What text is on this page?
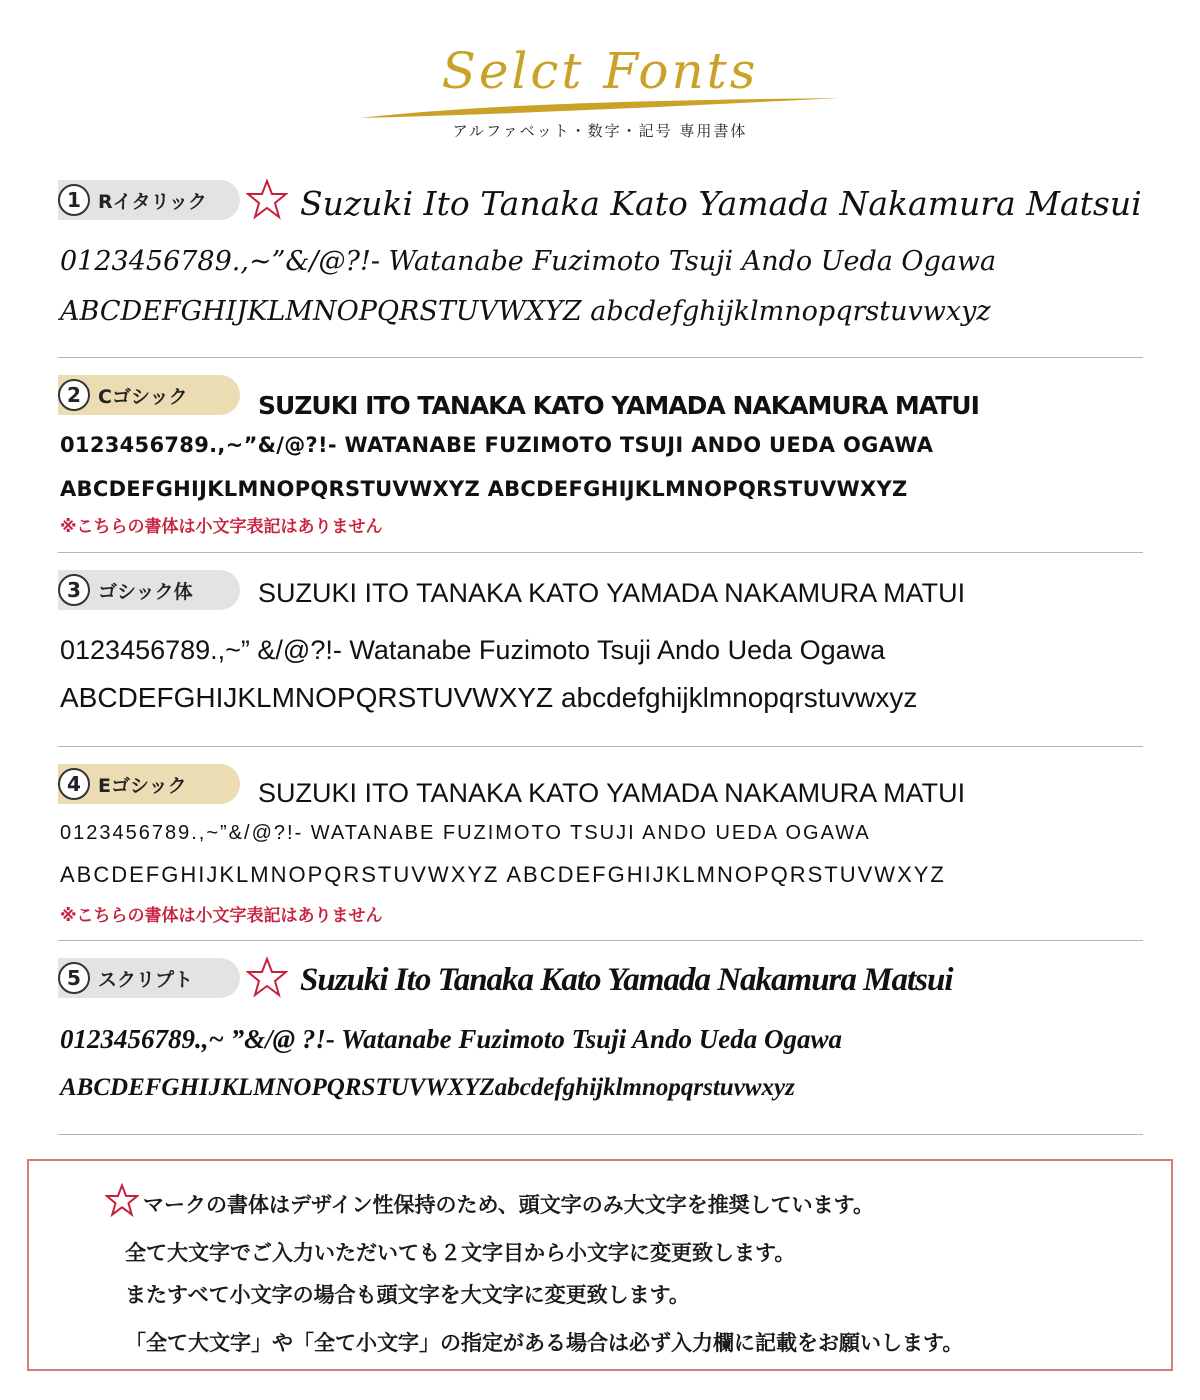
Selct Fonts
アルファベット・数字・記号 専用書体
1 Rイタリック	Suzuki Ito Tanaka Kato Yamada Nakamura Matsui
0123456789.,~”&/@?!- Watanabe Fuzimoto Tsuji Ando Ueda Ogawa
ABCDEFGHIJKLMNOPQRSTUVWXYZ abcdefghijklmnopqrstuvwxyz
2 Cゴシック	SUZUKI ITO TANAKA KATO YAMADA NAKAMURA MATUI
0123456789.,~”&/@?!- WATANABE FUZIMOTO TSUJI ANDO UEDA OGAWA
ABCDEFGHIJKLMNOPQRSTUVWXYZ ABCDEFGHIJKLMNOPQRSTUVWXYZ
※こちらの書体は小文字表記はありません
3 ゴシック体 SUZUKI ITO TANAKA KATO YAMADA NAKAMURA MATUI
0123456789.,~” &/@?!- Watanabe Fuzimoto Tsuji Ando Ueda Ogawa
ABCDEFGHIJKLMNOPQRSTUVWXYZ abcdefghijklmnopqrstuvwxyz
4 Eゴシック	SUZUKI ITO TANAKA KATO YAMADA NAKAMURA MATUI
0123456789.,~”&/@?!- WATANABE FUZIMOTO TSUJI ANDO UEDA OGAWA
ABCDEFGHIJKLMNOPQRSTUVWXYZ ABCDEFGHIJKLMNOPQRSTUVWXYZ
※こちらの書体は小文字表記はありません
5 スクリプト	Suzuki Ito Tanaka Kato Yamada Nakamura Matsui
0123456789.,~ ”&/@ ?!- Watanabe Fuzimoto Tsuji Ando Ueda Ogawa
ABCDEFGHIJKLMNOPQRSTUVWXYZabcdefghijklmnopqrstuvwxyz
マークの書体はデザイン性保持のため、頭文字のみ大文字を推奨しています。
全て大文字でご入力いただいても２文字目から小文字に変更致します。
またすべて小文字の場合も頭文字を大文字に変更致します。
「全て大文字」や「全て小文字」の指定がある場合は必ず入力欄に記載をお願いします。
